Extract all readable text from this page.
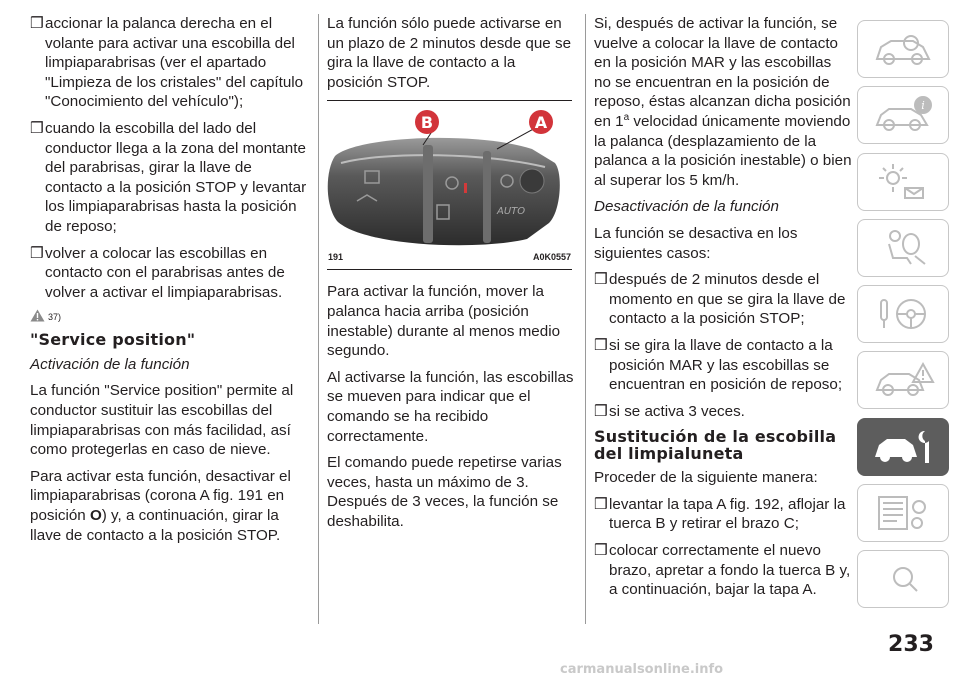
❒ accionar la palanca derecha en el volante para activar una escobilla del limpiaparabrisas (ver el apartado "Limpieza de los cristales" del capítulo "Conocimiento del vehículo");
❒ cuando la escobilla del lado del conductor llega a la zona del montante del parabrisas, girar la llave de contacto a la posición STOP y levantar los limpiaparabrisas hasta la posición de reposo;
❒ volver a colocar las escobillas en contacto con el parabrisas antes de volver a activar el limpiaparabrisas.
37)
"Service position"

Activación de la función

La función "Service position" permite al conductor sustituir las escobillas del limpiaparabrisas con más facilidad, así como protegerlas en caso de nieve.

Para activar esta función, desactivar el limpiaparabrisas (corona A fig. 191 en posición O) y, a continuación, girar la llave de contacto a la posición STOP.

La función sólo puede activarse en un plazo de 2 minutos desde que se gira la llave de contacto a la posición STOP.

AUTO
B	A
191	A0K0557

Para activar la función, mover la palanca hacia arriba (posición inestable) durante al menos medio segundo.

Al activarse la función, las escobillas se mueven para indicar que el comando se ha recibido correctamente.

El comando puede repetirse varias veces, hasta un máximo de 3. Después de 3 veces, la función se deshabilita.

Si, después de activar la función, se vuelve a colocar la llave de contacto en la posición MAR y las escobillas no se encuentran en la posición de reposo, éstas alcanzan dicha posición en 1$^a$ velocidad únicamente moviendo la palanca (desplazamiento de la palanca a la posición inestable) o bien al superar los 5 km/h.

Desactivación de la función

La función se desactiva en los siguientes casos:

❒ después de 2 minutos desde el momento en que se gira la llave de contacto a la posición STOP;
❒ si se gira la llave de contacto a la posición MAR y las escobillas se encuentran en posición de reposo;
❒ si se activa 3 veces.
Sustitución de la escobilla del limpialuneta

Proceder de la siguiente manera:

❒ levantar la tapa A fig. 192, aflojar la tuerca B y retirar el brazo C;
❒ colocar correctamente el nuevo brazo, apretar a fondo la tuerca B y, a continuación, bajar la tapa A.
i
233
carmanualsonline.info
